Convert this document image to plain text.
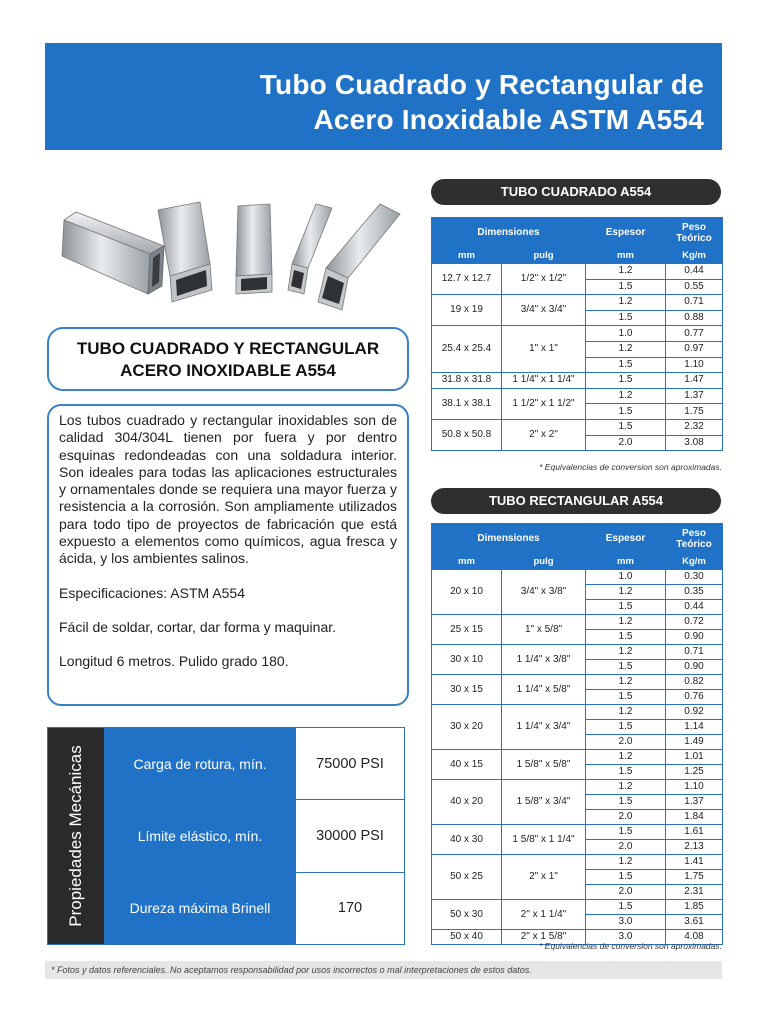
Tubo Cuadrado y Rectangular de
Acero Inoxidable ASTM A554
TUBO CUADRADO Y RECTANGULAR
ACERO INOXIDABLE A554
Los tubos cuadrado y rectangular inoxidables son de calidad 304/304L tienen por fuera y por dentro esquinas redondeadas con una soldadura interior. Son ideales para todas las aplicaciones estructurales y ornamentales donde se requiera una mayor fuerza y resistencia a la corrosión. Son ampliamente utilizados para todo tipo de proyectos de fabricación que está expuesto a elementos como químicos, agua fresca y ácida, y los ambientes salinos.
Especificaciones: ASTM A554
Fácil de soldar, cortar, dar forma y maquinar.
Longitud 6 metros. Pulido grado 180.
Propiedades Mecánicas	Carga de rotura, mín.	75000 PSI
	Límite elástico, mín.	30000 PSI
	Dureza máxima Brinell	170
TUBO CUADRADO A554
Dimensiones		Espesor	Peso
Teórico
mm	pulg	mm	Kg/m
12.7 x 12.7	1/2" x 1/2"	1.2	0.44
		1.5	0.55
19 x 19	3/4" x 3/4"	1.2	0.71
		1.5	0.88
25.4 x 25.4	1" x 1"	1.0	0.77
		1.2	0.97
		1.5	1.10
31.8 x 31.8	1 1/4" x 1 1/4"	1.5	1.47
38.1 x 38.1	1 1/2" x 1 1/2"	1.2	1.37
		1.5	1.75
50.8 x 50.8	2" x 2"	1.5	2.32
		2.0	3.08
* Equivalencias de conversion son aproximadas.
TUBO RECTANGULAR A554
Dimensiones		Espesor	Peso
Teórico
mm	pulg	mm	Kg/m
20 x 10	3/4" x 3/8"	1.0	0.30
		1.2	0.35
		1.5	0.44
25 x 15	1" x 5/8"	1.2	0.72
		1.5	0.90
30 x 10	1 1/4" x 3/8"	1.2	0.71
		1.5	0.90
30 x 15	1 1/4" x 5/8"	1.2	0.82
		1.5	0.76
30 x 20	1 1/4" x 3/4"	1.2	0.92
		1.5	1.14
		2.0	1.49
40 x 15	1 5/8" x 5/8"	1.2	1.01
		1.5	1.25
40 x 20	1 5/8" x 3/4"	1.2	1.10
		1.5	1.37
		2.0	1.84
40 x 30	1 5/8" x 1 1/4"	1.5	1.61
		2.0	2.13
50 x 25	2" x 1"	1.2	1.41
		1.5	1.75
		2.0	2.31
50 x 30	2" x 1 1/4"	1.5	1.85
		3.0	3.61
50 x 40	2" x 1 5/8"	3.0	4.08
* Equivalencias de conversion son aproximadas.
* Fotos y datos referenciales. No aceptamos responsabilidad por usos incorrectos o mal interpretaciones de estos datos.
